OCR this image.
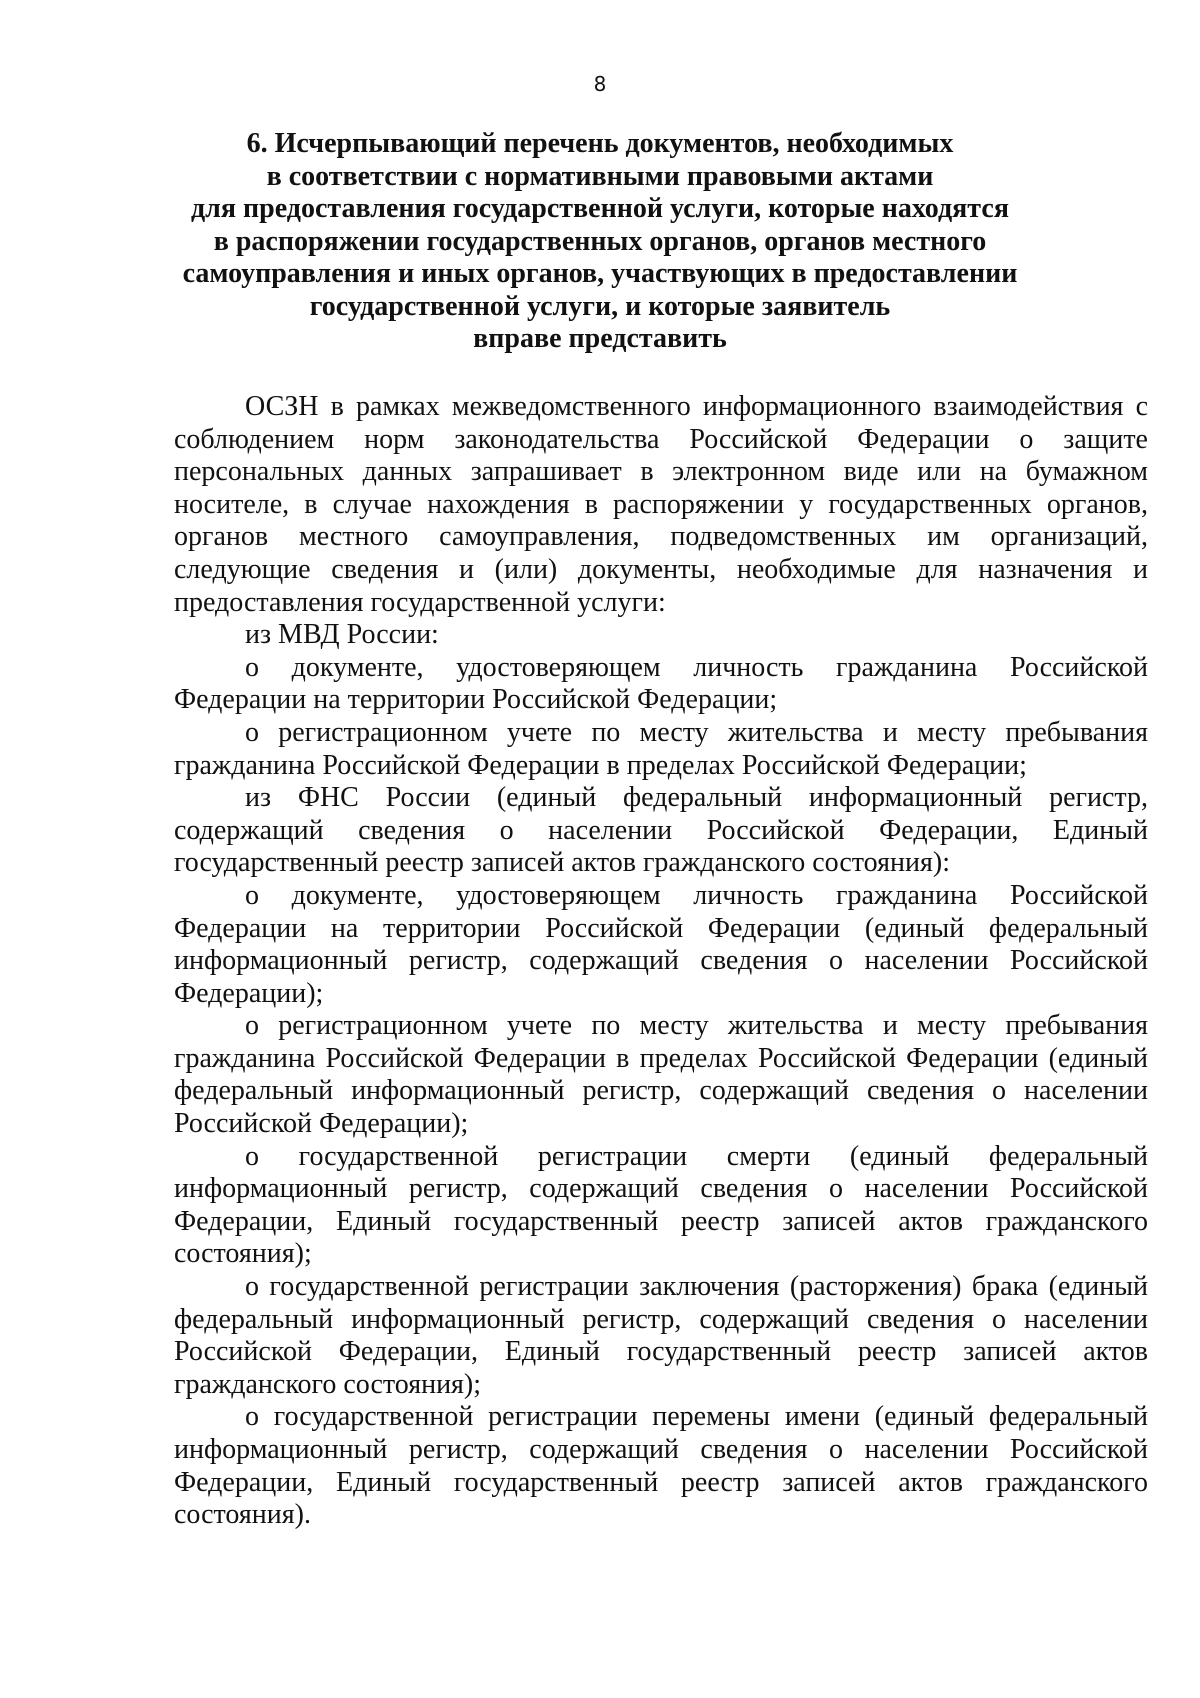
8
6. Исчерпывающий перечень документов, необходимых
в соответствии с нормативными правовыми актами
для предоставления государственной услуги, которые находятся
в распоряжении государственных органов, органов местного
самоуправления и иных органов, участвующих в предоставлении
государственной услуги, и которые заявитель
вправе представить

ОСЗН в рамках межведомственного информационного взаимодействия с соблюдением норм законодательства Российской Федерации о защите персональных данных запрашивает в электронном виде или на бумажном носителе, в случае нахождения в распоряжении у государственных органов, органов местного самоуправления, подведомственных им организаций, следующие сведения и (или) документы, необходимые для назначения и предоставления государственной услуги:

из МВД России:

о документе, удостоверяющем личность гражданина Российской Федерации на территории Российской Федерации;

о регистрационном учете по месту жительства и месту пребывания гражданина Российской Федерации в пределах Российской Федерации;

из ФНС России (единый федеральный информационный регистр, содержащий сведения о населении Российской Федерации, Единый государственный реестр записей актов гражданского состояния):

о документе, удостоверяющем личность гражданина Российской Федерации на территории Российской Федерации (единый федеральный информационный регистр, содержащий сведения о населении Российской Федерации);

о регистрационном учете по месту жительства и месту пребывания гражданина Российской Федерации в пределах Российской Федерации (единый федеральный информационный регистр, содержащий сведения о населении Российской Федерации);

о государственной регистрации смерти (единый федеральный информационный регистр, содержащий сведения о населении Российской Федерации, Единый государственный реестр записей актов гражданского состояния);

о государственной регистрации заключения (расторжения) брака (единый федеральный информационный регистр, содержащий сведения о населении Российской Федерации, Единый государственный реестр записей актов гражданского состояния);

о государственной регистрации перемены имени (единый федеральный информационный регистр, содержащий сведения о населении Российской Федерации, Единый государственный реестр записей актов гражданского состояния).
